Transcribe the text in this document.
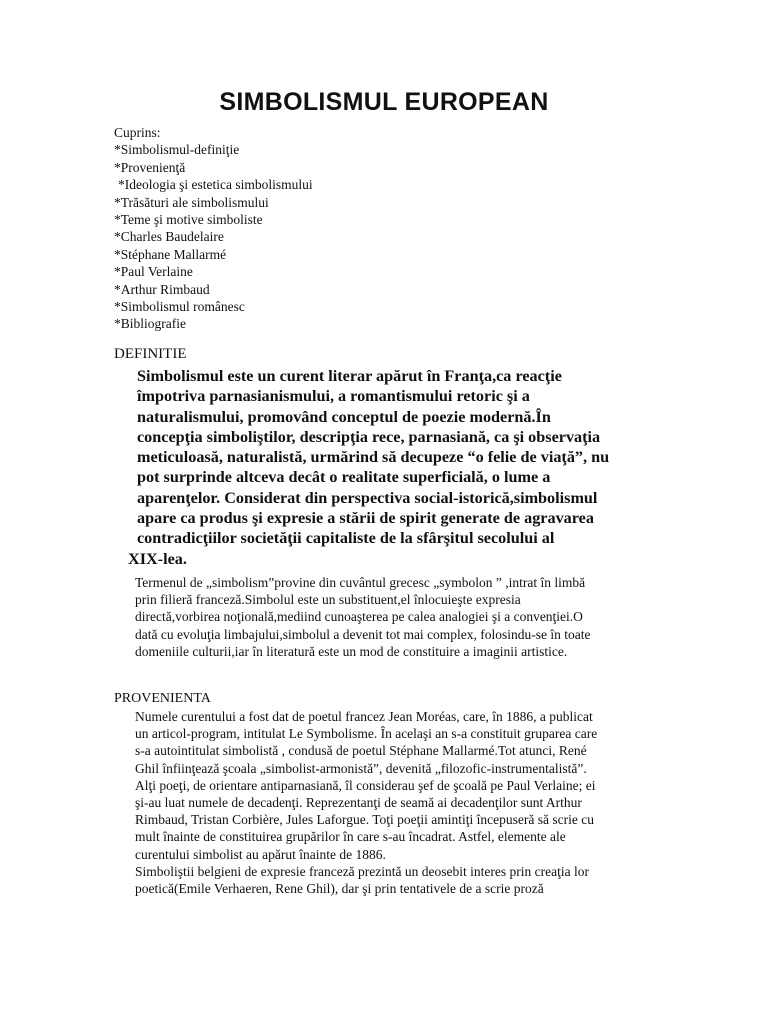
SIMBOLISMUL EUROPEAN
Cuprins:
*Simbolismul-definiţie
*Provenienţă
*Ideologia şi estetica simbolismului
*Trăsături ale simbolismului
*Teme şi motive simboliste
*Charles Baudelaire
*Stéphane Mallarmé
*Paul Verlaine
*Arthur Rimbaud
*Simbolismul românesc
*Bibliografie
DEFINITIE
Simbolismul este un curent literar apărut în Franţa,ca reacţie
împotriva parnasianismului, a romantismului retoric şi a
naturalismului, promovând conceptul de poezie modernă.În
concepţia simboliştilor, descripţia rece, parnasiană, ca şi observaţia
meticuloasă, naturalistă, urmărind să decupeze “o felie de viaţă”, nu
pot surprinde altceva decât o realitate superficială, o lume a
aparenţelor. Considerat din perspectiva social-istorică,simbolismul
apare ca produs şi expresie a stării de spirit generate de agravarea
contradicţiilor societăţii capitaliste de la sfârşitul secolului al
XIX-lea.
Termenul de „simbolism”provine din cuvântul grecesc „symbolon ” ,intrat în limbă
prin filieră franceză.Simbolul este un substituent,el înlocuieşte expresia
directă,vorbirea noţională,mediind cunoaşterea pe calea analogiei şi a convenţiei.O
dată cu evoluţia limbajului,simbolul a devenit tot mai complex, folosindu-se în toate
domeniile culturii,iar în literatură este un mod de constituire a imaginii artistice.
PROVENIENTA
Numele curentului a fost dat de poetul francez Jean Moréas, care, în 1886, a publicat
un articol-program, intitulat Le Symbolisme. În acelaşi an s-a constituit gruparea care
s-a autointitulat simbolistă , condusă de poetul Stéphane Mallarmé.Tot atunci, René
Ghil înfiinţează şcoala „simbolist-armonistă”, devenită „filozofic-instrumentalistă”.
Alţi poeţi, de orientare antiparnasiană, îl considerau şef de şcoală pe Paul Verlaine; ei
şi-au luat numele de decadenţi. Reprezentanţi de seamă ai decadenţilor sunt Arthur
Rimbaud, Tristan Corbière, Jules Laforgue. Toţi poeţii amintiţi începuseră să scrie cu
mult înainte de constituirea grupărilor în care s-au încadrat. Astfel, elemente ale
curentului simbolist au apărut înainte de 1886.
Simboliştii belgieni de expresie franceză prezintă un deosebit interes prin creaţia lor
poetică(Emile Verhaeren, Rene Ghil), dar şi prin tentativele de a scrie proză
